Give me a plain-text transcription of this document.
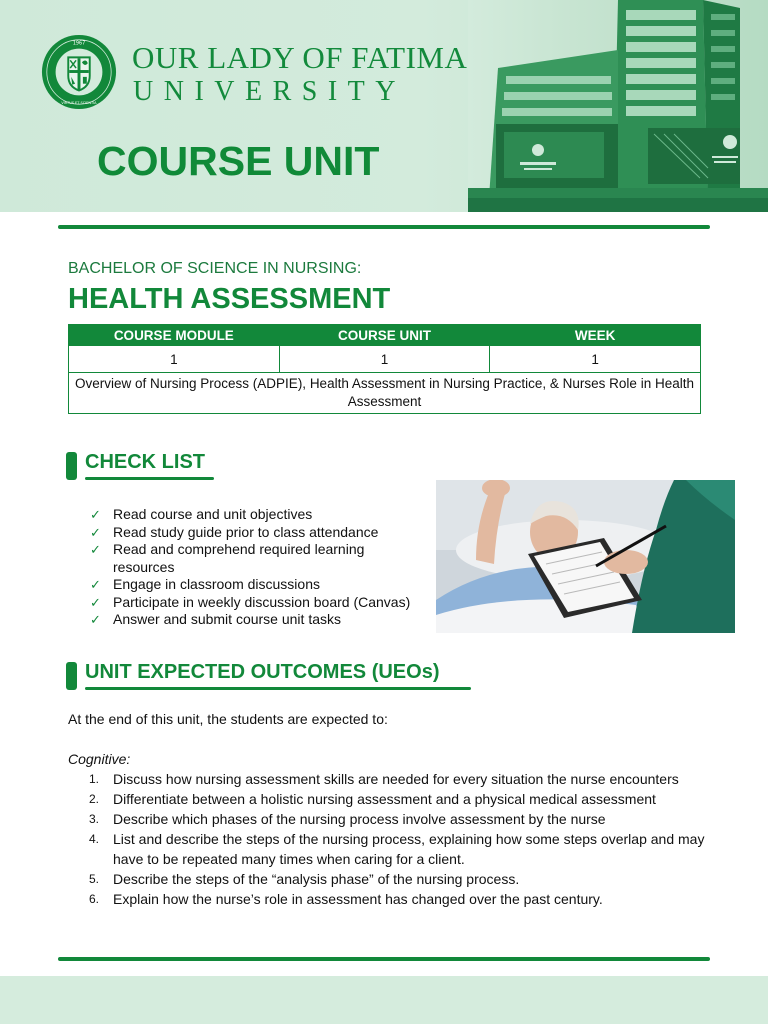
1967
VIRTUS ET SCIENTIA

OUR LADY OF FATIMA

UNIVERSITY

COURSE UNIT

BACHELOR OF SCIENCE IN NURSING:

HEALTH ASSESSMENT
COURSE MODULE	COURSE UNIT	WEEK
1	1	1
Overview of Nursing Process (ADPIE), Health Assessment in Nursing Practice, & Nurses Role in Health Assessment		
CHECK LIST
✓ Read course and unit objectives
✓ Read study guide prior to class attendance
✓ Read and comprehend required learning resources
✓ Engage in classroom discussions
✓ Participate in weekly discussion board (Canvas)
✓ Answer and submit course unit tasks
UNIT EXPECTED OUTCOMES (UEOs)

At the end of this unit, the students are expected to:

Cognitive:

1. Discuss how nursing assessment skills are needed for every situation the nurse encounters
2. Differentiate between a holistic nursing assessment and a physical medical assessment
3. Describe which phases of the nursing process involve assessment by the nurse
4. List and describe the steps of the nursing process, explaining how some steps overlap and may have to be repeated many times when caring for a client.
5. Describe the steps of the “analysis phase” of the nursing process.
6. Explain how the nurse’s role in assessment has changed over the past century.
